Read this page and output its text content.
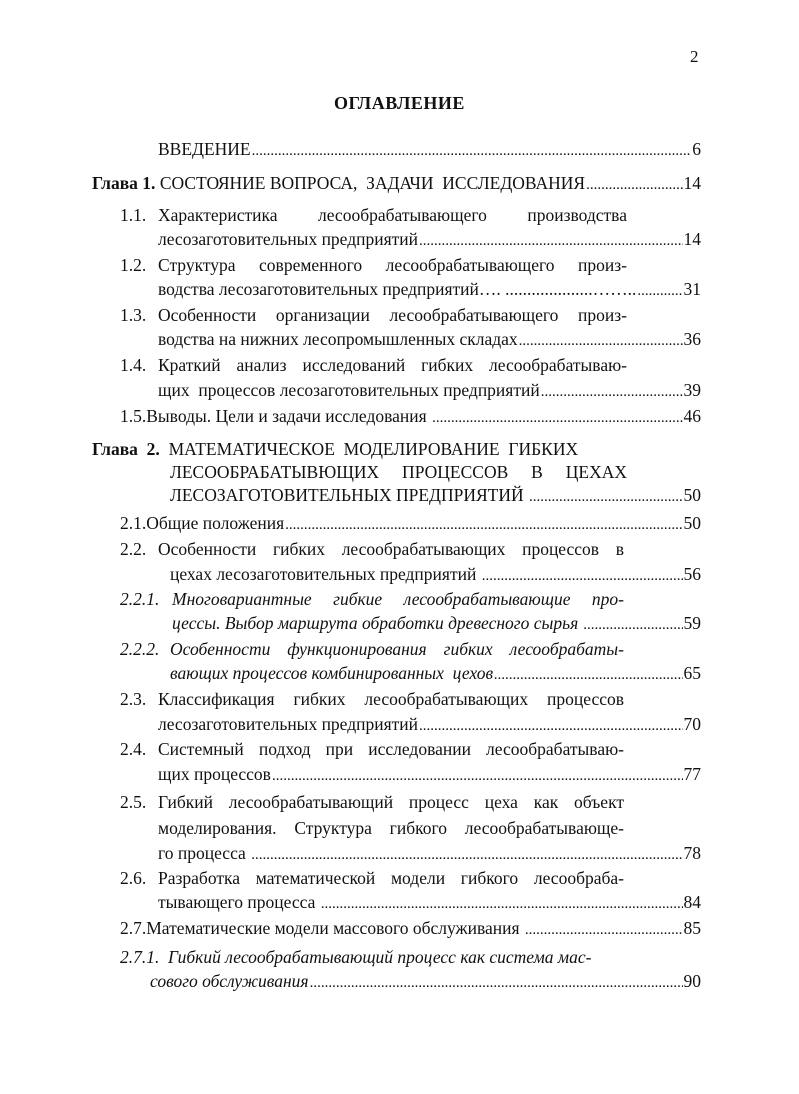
2
ОГЛАВЛЕНИЕ
ВВЕДЕНИЕ .....	6
Глава 1. СОСТОЯНИЕ ВОПРОСА,  ЗАДАЧИ  ИССЛЕДОВАНИЯ .....	14
1.1. Характеристика лесообрабатывающего производства
лесозаготовительных предприятий .....	14
1.2. Структура современного лесообрабатывающего произ-
водства лесозаготовительных предприятий…. ....................…….. .....	31
1.3. Особенности организации лесообрабатывающего произ-
водства на нижних лесопромышленных складах .....	36
1.4. Краткий анализ исследований гибких лесообрабатываю-
щих  процессов лесозаготовительных предприятий .....	39
1.5. Выводы. Цели и задачи исследования .....	46
Глава  2. МАТЕМАТИЧЕСКОЕ  МОДЕЛИРОВАНИЕ  ГИБКИХ
ЛЕСООБРАБАТЫВЮЩИХ ПРОЦЕССОВ В ЦЕХАХ
ЛЕСОЗАГОТОВИТЕЛЬНЫХ ПРЕДПРИЯТИЙ .....	50
2.1. Общие положения .....	50
2.2. Особенности гибких лесообрабатывающих процессов в
цехах лесозаготовительных предприятий .....	56
2.2.1. Многовариантные гибкие лесообрабатывающие про-
цессы. Выбор маршрута обработки древесного сырья .....	59
2.2.2. Особенности функционирования гибких лесообрабаты-
вающих процессов комбинированных  цехов .....	65
2.3. Классификация гибких лесообрабатывающих процессов
лесозаготовительных предприятий .....	70
2.4. Системный подход при исследовании лесообрабатываю-
щих процессов .....	77
2.5. Гибкий лесообрабатывающий процесс цеха как объект
моделирования. Структура гибкого лесообрабатывающе-
го процесса .....	78
2.6. Разработка математической модели гибкого лесообраба-
тывающего процесса .....	84
2.7. Математические модели массового обслуживания .....	85
2.7.1. Гибкий лесообрабатывающий процесс как система мас-
сового обслуживания .....	90
